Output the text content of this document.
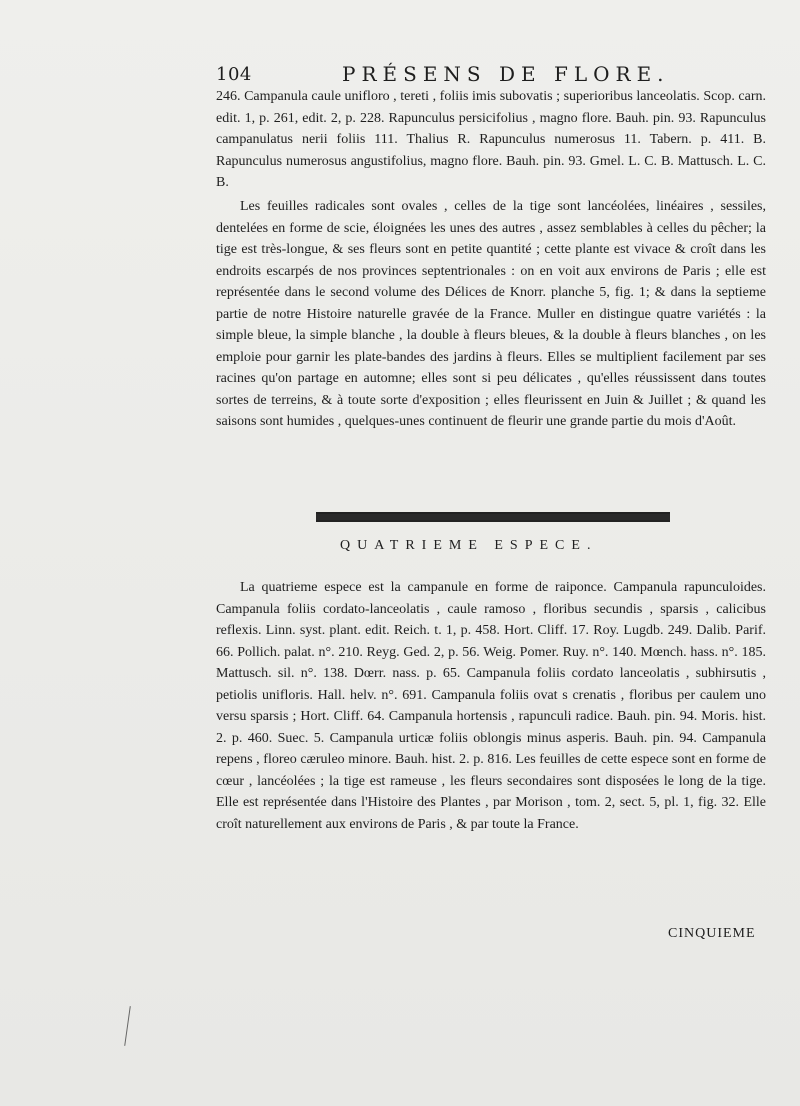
104	PRÉSENS DE FLORE.

246. Campanula caule unifloro , tereti , foliis imis subovatis ; superioribus lanceolatis. Scop. carn. edit. 1, p. 261, edit. 2, p. 228. Rapunculus persicifolius , magno flore. Bauh. pin. 93. Rapunculus campanulatus nerii foliis 111. Thalius R. Rapunculus numerosus 11. Tabern. p. 411. B. Rapunculus numerosus angustifolius, magno flore. Bauh. pin. 93. Gmel. L. C. B. Mattusch. L. C. B.

Les feuilles radicales sont ovales , celles de la tige sont lancéolées, linéaires , sessiles, dentelées en forme de scie, éloignées les unes des autres , assez semblables à celles du pêcher; la tige est très-longue, & ses fleurs sont en petite quantité ; cette plante est vivace & croît dans les endroits escarpés de nos provinces septentrionales : on en voit aux environs de Paris ; elle est représentée dans le second volume des Délices de Knorr. planche 5, fig. 1; & dans la septieme partie de notre Histoire naturelle gravée de la France. Muller en distingue quatre variétés : la simple bleue, la simple blanche , la double à fleurs bleues, & la double à fleurs blanches , on les emploie pour garnir les plate-bandes des jardins à fleurs. Elles se multiplient facilement par ses racines qu'on partage en automne; elles sont si peu délicates , qu'elles réussissent dans toutes sortes de terreins, & à toute sorte d'exposition ; elles fleurissent en Juin & Juillet ; & quand les saisons sont humides , quelques-unes continuent de fleurir une grande partie du mois d'Août.

QUATRIEME ESPECE.

La quatrieme espece est la campanule en forme de raiponce. Campanula rapunculoides. Campanula foliis cordato-lanceolatis , caule ramoso , floribus secundis , sparsis , calicibus reflexis. Linn. syst. plant. edit. Reich. t. 1, p. 458. Hort. Cliff. 17. Roy. Lugdb. 249. Dalib. Parif. 66. Pollich. palat. n°. 210. Reyg. Ged. 2, p. 56. Weig. Pomer. Ruy. n°. 140. Mœnch. hass. n°. 185. Mattusch. sil. n°. 138. Dœrr. nass. p. 65. Campanula foliis cordato lanceolatis , subhirsutis , petiolis unifloris. Hall. helv. n°. 691. Campanula foliis ovat s crenatis , floribus per caulem uno versu sparsis ; Hort. Cliff. 64. Campanula hortensis , rapunculi radice. Bauh. pin. 94. Moris. hist. 2. p. 460. Suec. 5. Campanula urticæ foliis oblongis minus asperis. Bauh. pin. 94. Campanula repens , floreo cæruleo minore. Bauh. hist. 2. p. 816. Les feuilles de cette espece sont en forme de cœur , lancéolées ; la tige est rameuse , les fleurs secondaires sont disposées le long de la tige. Elle est représentée dans l'Histoire des Plantes , par Morison , tom. 2, sect. 5, pl. 1, fig. 32. Elle croît naturellement aux environs de Paris , & par toute la France.

CINQUIEME
